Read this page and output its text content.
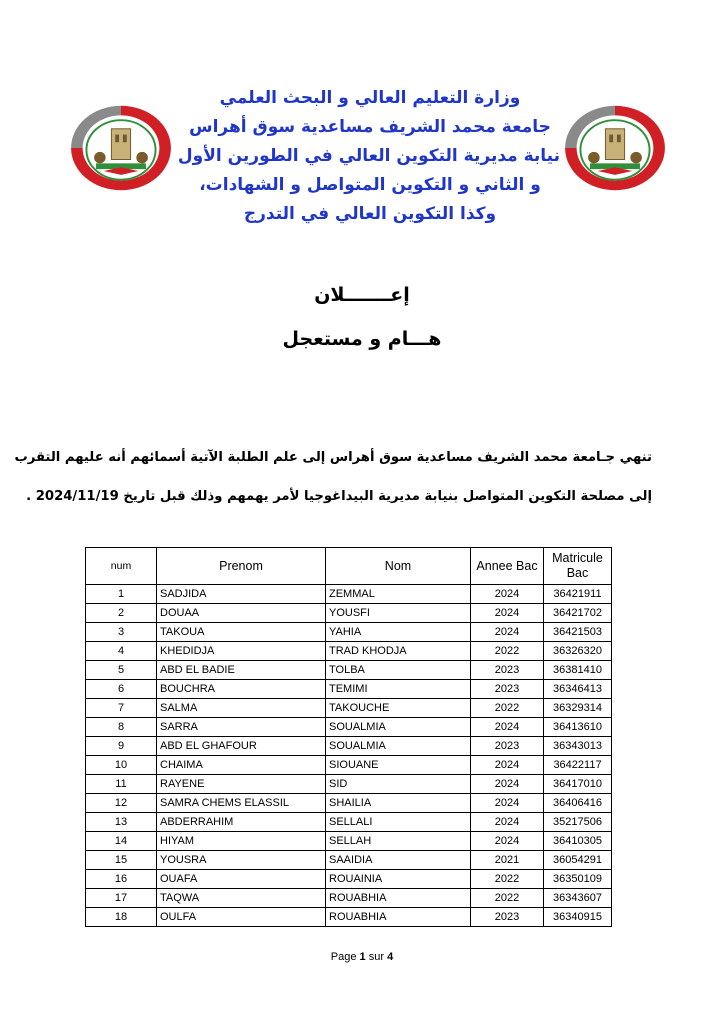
وزارة التعليم العالي و البحث العلمي
جامعة محمد الشريف مساعدية سوق أهراس
نيابة مديرية التكوين العالي في الطورين الأول
و الثاني و التكوين المتواصل و الشهادات،
وكذا التكوين العالي في التدرج
إعـــــــلان
هـــام و مستعجل
تنهي جـامعة محمد الشريف مساعدية سوق أهراس إلى علم الطلبة الآتية أسمائهم أنه عليهم التقرب
إلى مصلحة التكوين المتواصل بنيابة مديرية البيداغوجيا لأمر يهمهم وذلك قبل تاريخ 2024/11/19 .
num	Prenom	Nom	Annee Bac	Matricule Bac
1	SADJIDA	ZEMMAL	2024	36421911
2	DOUAA	YOUSFI	2024	36421702
3	TAKOUA	YAHIA	2024	36421503
4	KHEDIDJA	TRAD KHODJA	2022	36326320
5	ABD EL BADIE	TOLBA	2023	36381410
6	BOUCHRA	TEMIMI	2023	36346413
7	SALMA	TAKOUCHE	2022	36329314
8	SARRA	SOUALMIA	2024	36413610
9	ABD EL GHAFOUR	SOUALMIA	2023	36343013
10	CHAIMA	SIOUANE	2024	36422117
11	RAYENE	SID	2024	36417010
12	SAMRA CHEMS ELASSIL	SHAILIA	2024	36406416
13	ABDERRAHIM	SELLALI	2024	35217506
14	HIYAM	SELLAH	2024	36410305
15	YOUSRA	SAAIDIA	2021	36054291
16	OUAFA	ROUAINIA	2022	36350109
17	TAQWA	ROUABHIA	2022	36343607
18	OULFA	ROUABHIA	2023	36340915
Page 1 sur 4
